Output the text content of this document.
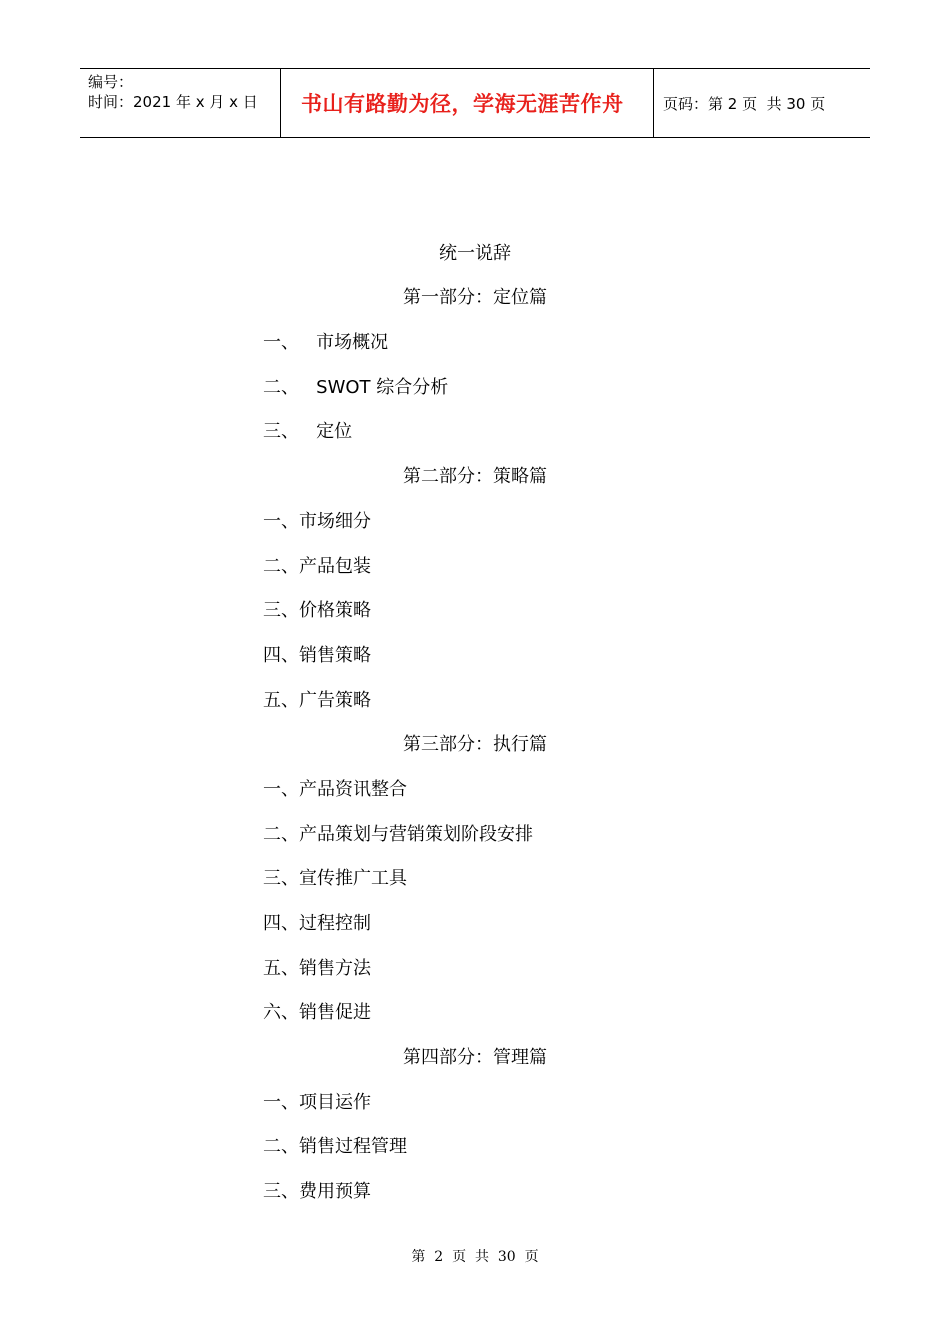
编号：
时间：2021 年 x 月 x 日	书山有路勤为径，学海无涯苦作舟	页码：第 2 页  共 30 页
统一说辞
第一部分：定位篇
一、   市场概况
二、   SWOT 综合分析
三、   定位
第二部分：策略篇
一、市场细分
二、产品包装
三、价格策略
四、销售策略
五、广告策略
第三部分：执行篇
一、产品资讯整合
二、产品策划与营销策划阶段安排
三、宣传推广工具
四、过程控制
五、销售方法
六、销售促进
第四部分：管理篇
一、项目运作
二、销售过程管理
三、费用预算
第  2  页  共  30  页
